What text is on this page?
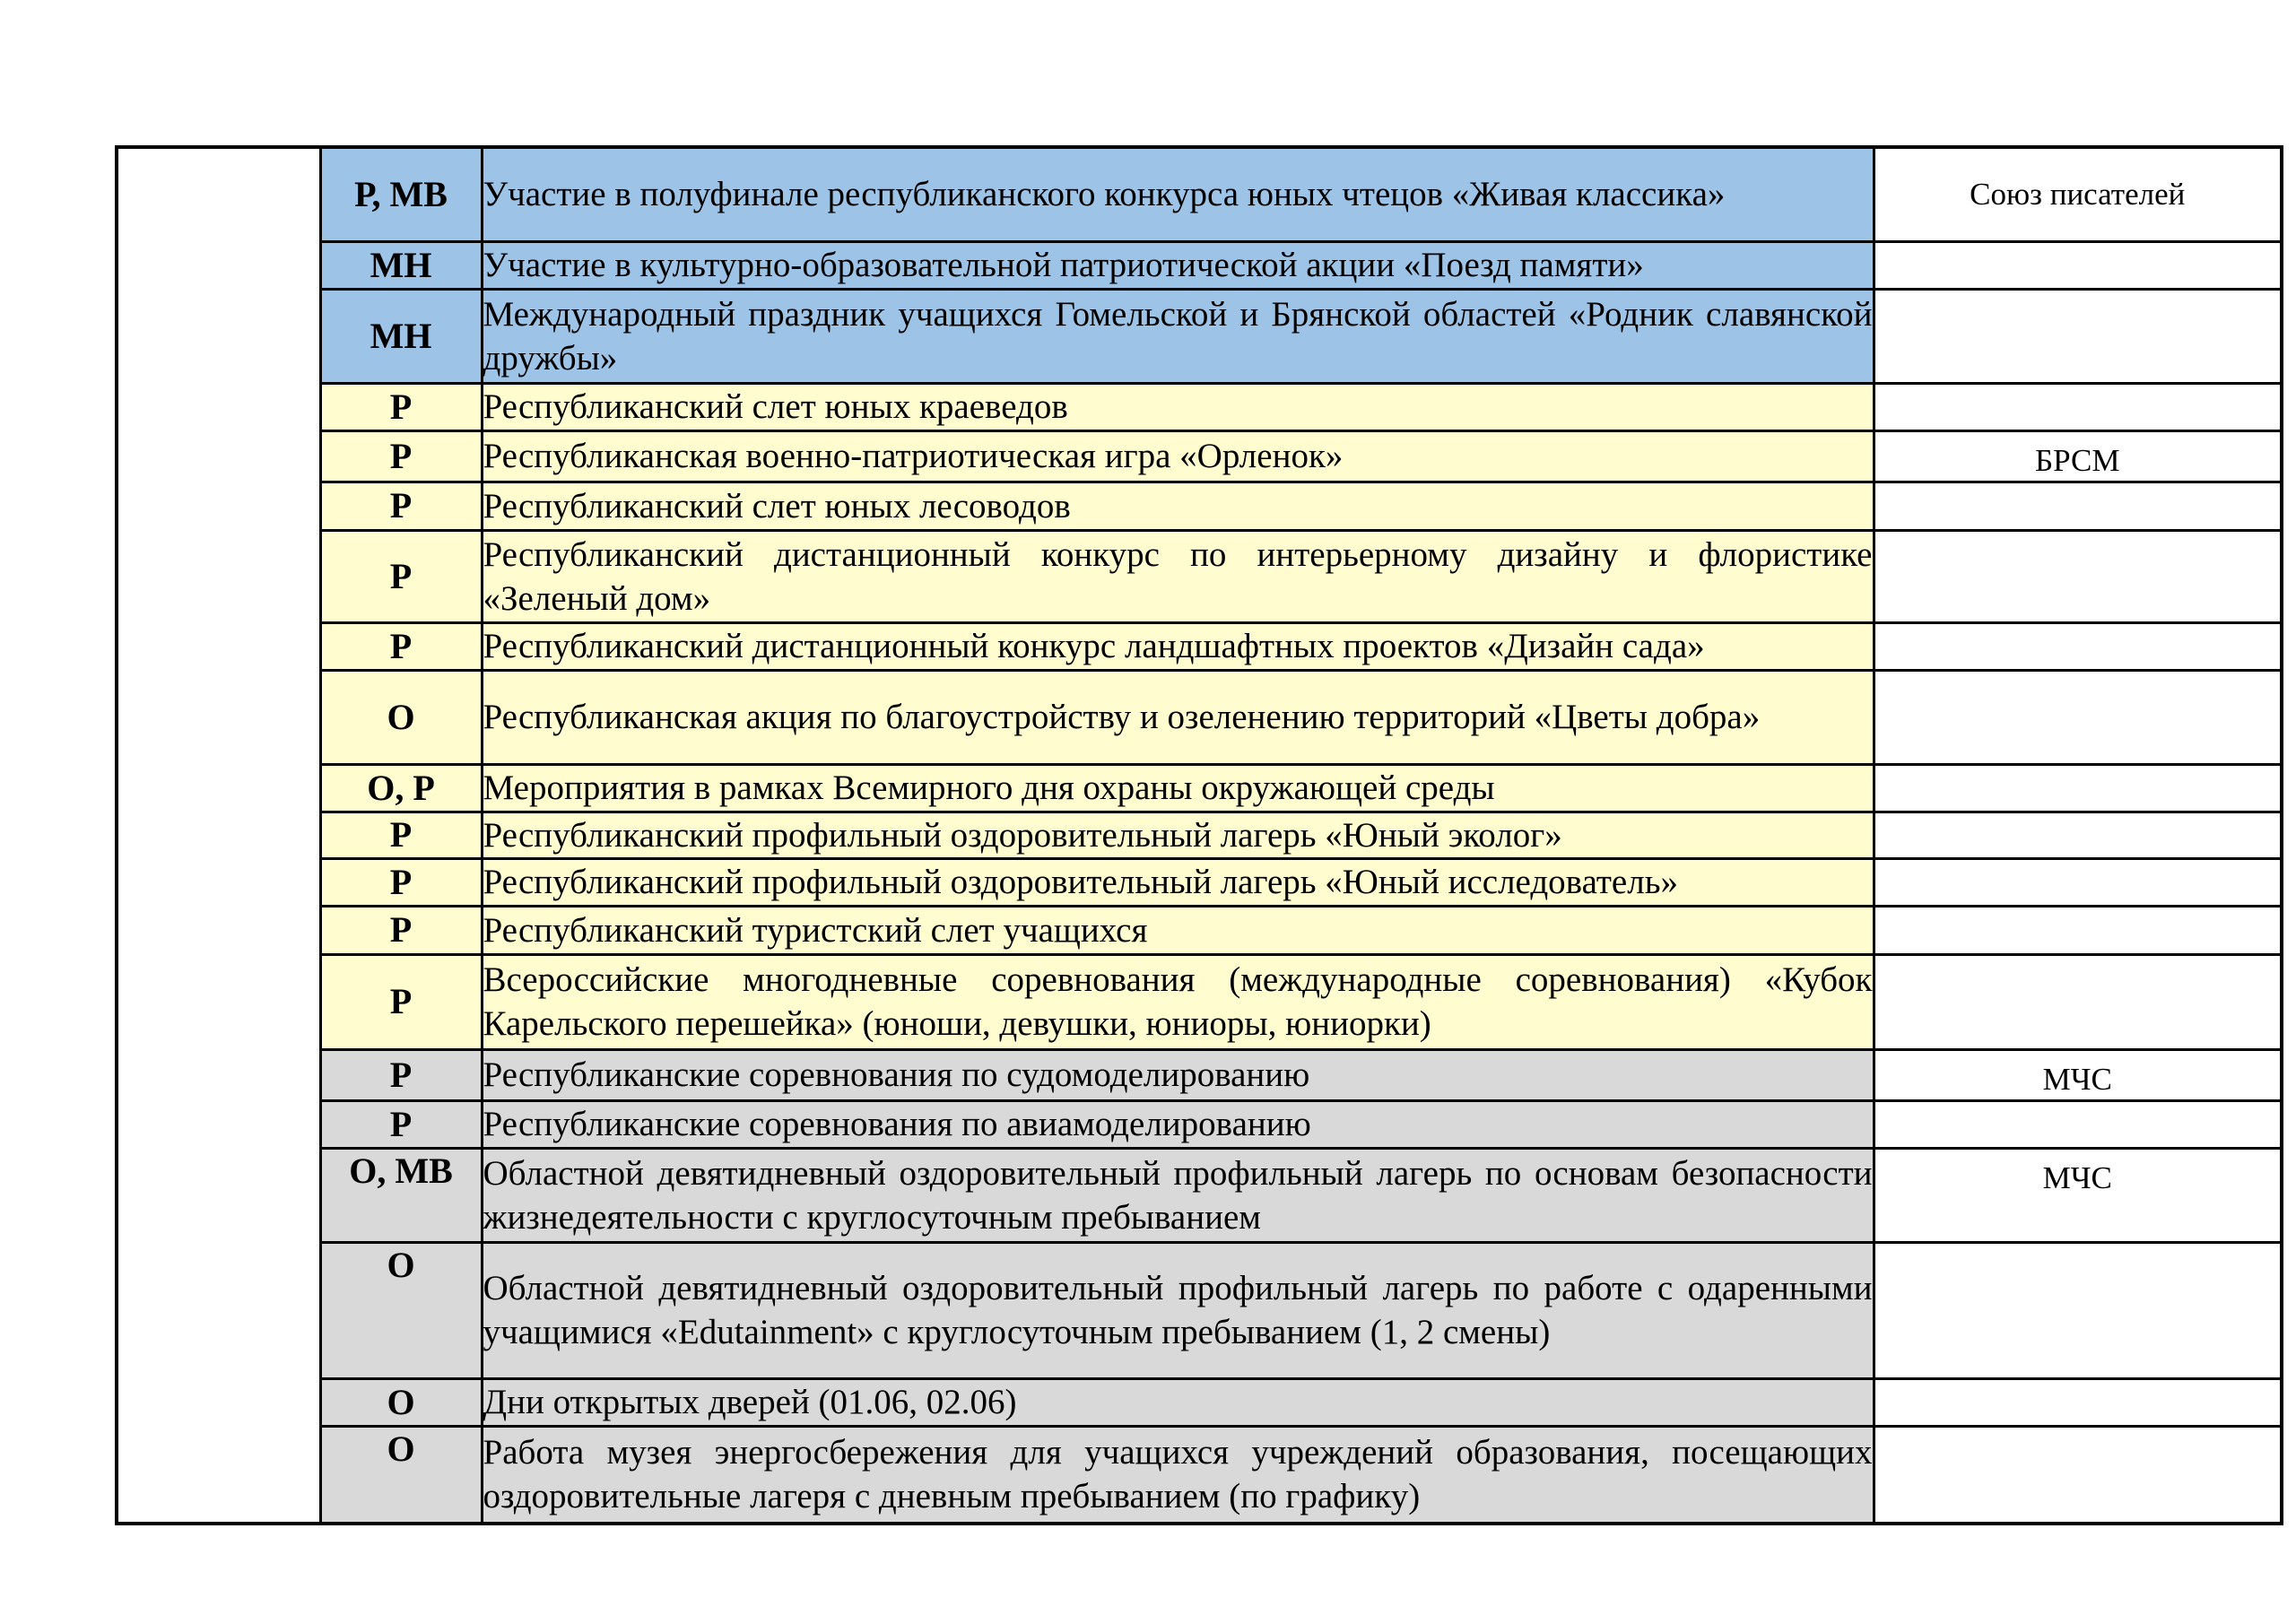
	Р, МВ	Участие в полуфинале республиканского конкурса юных чтецов «Живая классика»	Союз писателей
	МН	Участие в культурно-образовательной патриотической акции «Поезд памяти»	
	МН	Международный праздник учащихся Гомельской и Брянской областей «Родник славянской дружбы»	
	Р	Республиканский слет юных краеведов	
	Р	Республиканская военно-патриотическая игра «Орленок»	БРСМ
	Р	Республиканский слет юных лесоводов	
	Р	Республиканский дистанционный конкурс по интерьерному дизайну и флористике «Зеленый дом»	
	Р	Республиканский дистанционный конкурс ландшафтных проектов «Дизайн сада»	
	О	Республиканская акция по благоустройству и озеленению территорий «Цветы добра»	
	О, Р	Мероприятия в рамках Всемирного дня охраны окружающей среды	
	Р	Республиканский профильный оздоровительный лагерь «Юный эколог»	
	Р	Республиканский профильный оздоровительный лагерь «Юный исследователь»	
	Р	Республиканский туристский слет учащихся	
	Р	Всероссийские многодневные соревнования (международные соревнования) «Кубок Карельского перешейка» (юноши, девушки, юниоры, юниорки)	
	Р	Республиканские соревнования по судомоделированию	МЧС
	Р	Республиканские соревнования по авиамоделированию	
	О, МВ	Областной девятидневный оздоровительный профильный лагерь по основам безопасности жизнедеятельности с круглосуточным пребыванием	МЧС
	О	Областной девятидневный оздоровительный профильный лагерь по работе с одаренными учащимися «Edutainment» с круглосуточным пребыванием (1, 2 смены)	
	О	Дни открытых дверей (01.06, 02.06)	
	О	Работа музея энергосбережения для учащихся учреждений образования, посещающих оздоровительные лагеря с дневным пребыванием (по графику)	
